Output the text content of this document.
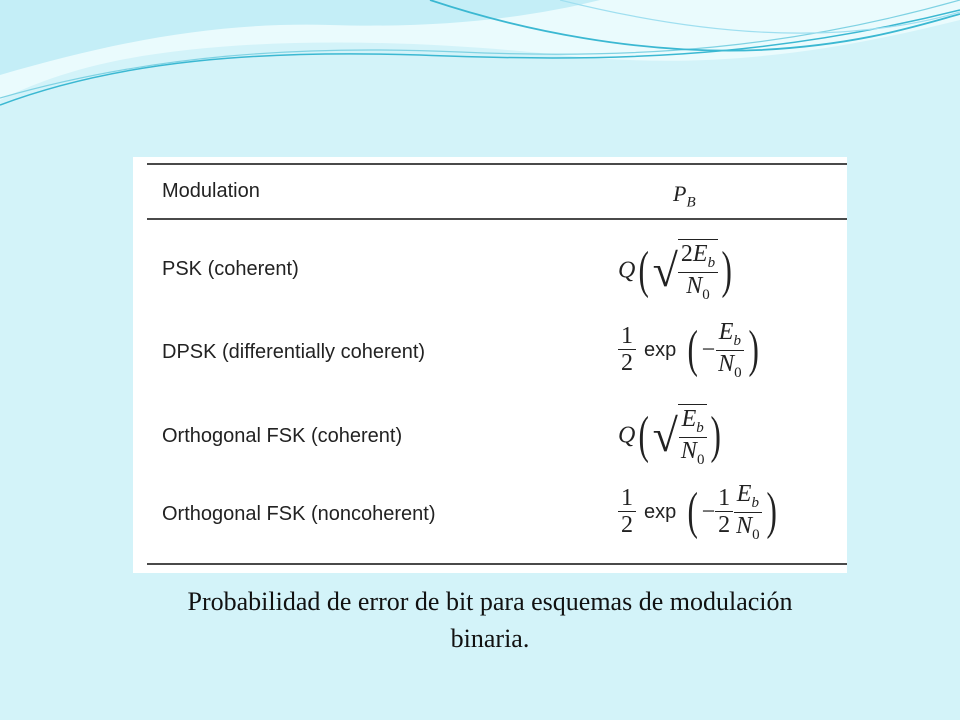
Modulation	$P_B$
PSK (coherent)	Q( √ $\frac{2E_b}{N_0}$ )
DPSK (differentially coherent)	$\frac{1}{2}$ exp ( − $\frac{E_b}{N_0}$ )
Orthogonal FSK (coherent)	Q( √ $\frac{E_b}{N_0}$ )
Orthogonal FSK (noncoherent)	$\frac{1}{2}$ exp ( − $\frac{1}{2} \frac{E_b}{N_0}$ )
Probabilidad de error de bit para esquemas de modulación binaria.
